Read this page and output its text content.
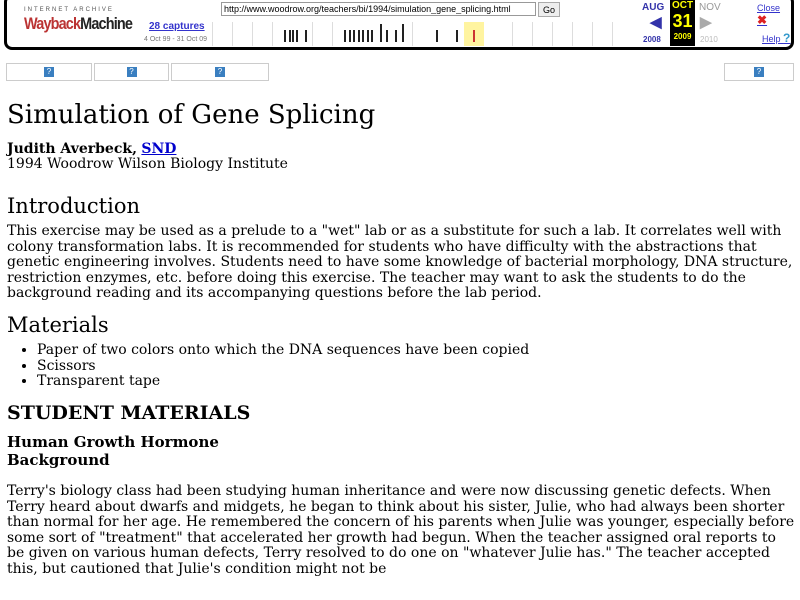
INTERNET ARCHIVE
WaybackMachine
http://www.woodrow.org/teachers/bi/1994/simulation_gene_splicing.html
Go
28 captures
4 Oct 99 - 31 Oct 09
AUG
◀
2008
OCT
31
2009
NOV
▶
2010
Close ✖
Help ?
?	?	?	?
Simulation of Gene Splicing
Judith Averbeck, SND
1994 Woodrow Wilson Biology Institute
Introduction

This exercise may be used as a prelude to a "wet" lab or as a substitute for such a lab. It correlates well with colony transformation labs. It is recommended for students who have difficulty with the abstractions that genetic engineering involves. Students need to have some knowledge of bacterial morphology, DNA structure, restriction enzymes, etc. before doing this exercise. The teacher may want to ask the students to do the background reading and its accompanying questions before the lab period.

Materials
• Paper of two colors onto which the DNA sequences have been copied
• Scissors
• Transparent tape
STUDENT MATERIALS
Human Growth Hormone
Background

Terry's biology class had been studying human inheritance and were now discussing genetic defects. When Terry heard about dwarfs and midgets, he began to think about his sister, Julie, who had always been shorter than normal for her age. He remembered the concern of his parents when Julie was younger, especially before some sort of "treatment" that accelerated her growth had begun. When the teacher assigned oral reports to be given on various human defects, Terry resolved to do one on "whatever Julie has." The teacher accepted this, but cautioned that Julie's condition might not be
